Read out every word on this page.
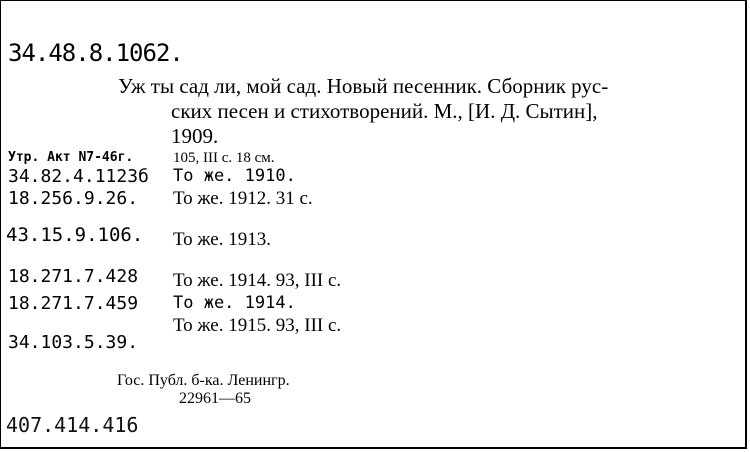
34.48.8.1062.
Уж ты сад ли, мой сад. Новый песенник. Сборник рус-
ских песен и стихотворений. М., [И. Д. Сытин],
1909.
Утр. Акт N7-46г.	105, III с. 18 см.
34.82.4.1123б То же. 1910.
18.256.9.26. То же. 1912. 31 с.
43.15.9.106. То же. 1913.
18.271.7.428 То же. 1914. 93, III с.
18.271.7.459 То же. 1914.
34.103.5.39.
То же. 1915. 93, III с.
Гос. Публ. б-ка. Ленингр.
22961—65
407.414.416
